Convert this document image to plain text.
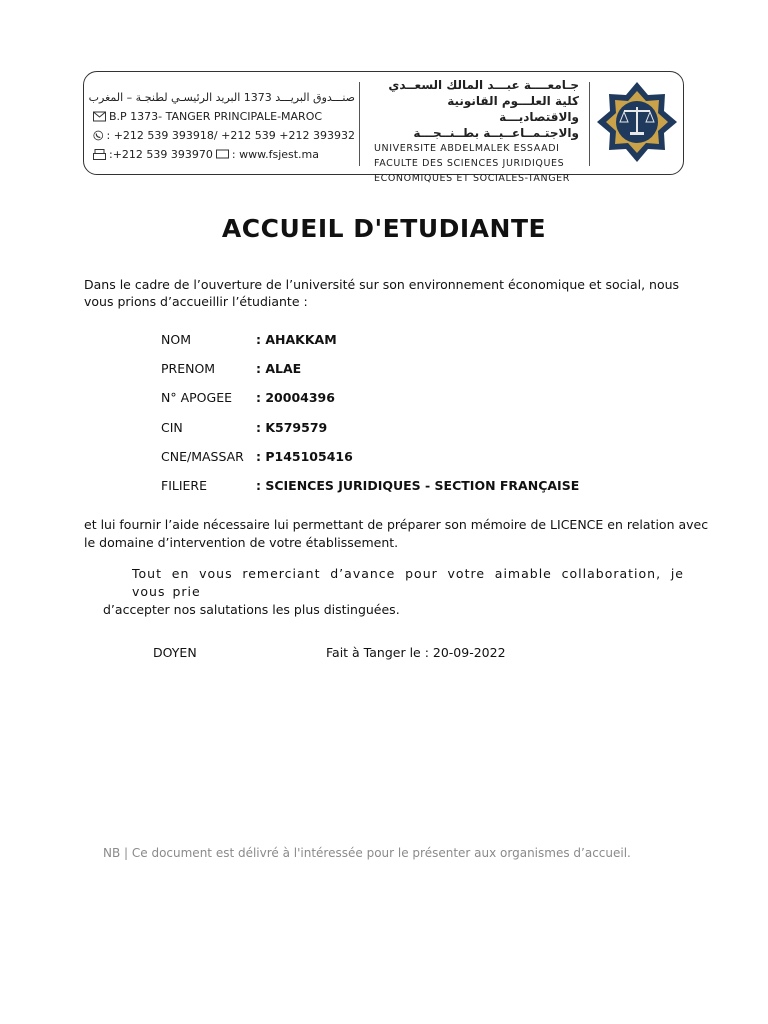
صنـــدوق البريـــد 1373 البريد الرئيسـي لطنجـة – المغرب
B.P 1373- TANGER PRINCIPALE-MAROC
: +212 539 393918/ +212 539 +212 393932
:+212 539 393970 : www.fsjest.ma
جـامعــــة عبـــد المالك السعــدي
كلية العلـــوم القانونية والاقتصاديـــة
والاجتـمــاعــيــة بطــنــجـــة
UNIVERSITE ABDELMALEK ESSAADI
FACULTE DES SCIENCES JURIDIQUES
ECONOMIQUES ET SOCIALES-TANGER
ACCUEIL D'ETUDIANTE
Dans le cadre de l’ouverture de l’université sur son environnement économique et social, nous vous prions d’accueillir l’étudiante :
NOM	: AHAKKAM
PRENOM	: ALAE
N° APOGEE	: 20004396
CIN	: K579579
CNE/MASSAR : P145105416
FILIERE	: SCIENCES JURIDIQUES - SECTION FRANÇAISE
et lui fournir l’aide nécessaire lui permettant de préparer son mémoire de LICENCE en relation avec le domaine d’intervention de votre établissement.
Tout en vous remerciant d’avance pour votre aimable collaboration, je vous prie
d’accepter nos salutations les plus distinguées.
DOYEN	Fait à Tanger le : 20-09-2022
NB | Ce document est délivré à l'intéressée pour le présenter aux organismes d’accueil.
